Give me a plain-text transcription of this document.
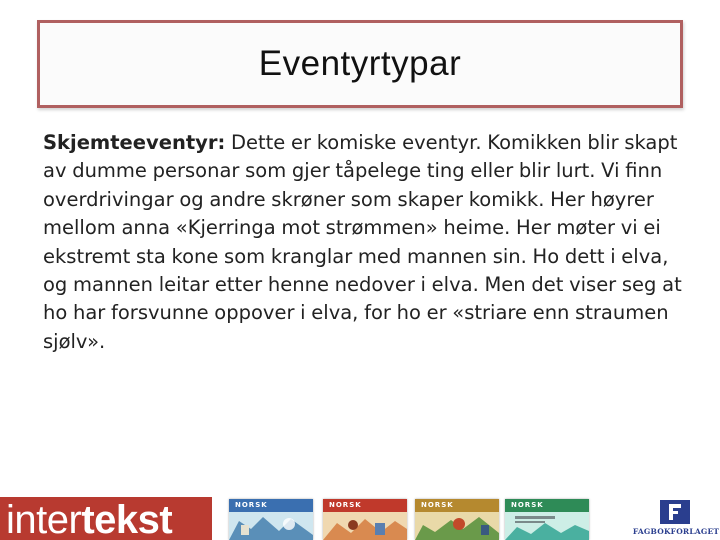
Eventyrtypar
Skjemteeventyr: Dette er komiske eventyr. Komikken blir skapt av dumme personar som gjer tåpelege ting eller blir lurt. Vi finn overdrivingar og andre skrøner som skaper komikk. Her høyrer mellom anna «Kjerringa mot strømmen» heime. Her møter vi ei ekstremt sta kone som kranglar med mannen sin. Ho dett i elva, og mannen leitar etter henne nedover i elva. Men det viser seg at ho har forsvunne oppover i elva, for ho er «striare enn straumen sjølv».
intertekst	NORSK	NORSK	NORSK	NORSK
FAGBOKFORLAGET
